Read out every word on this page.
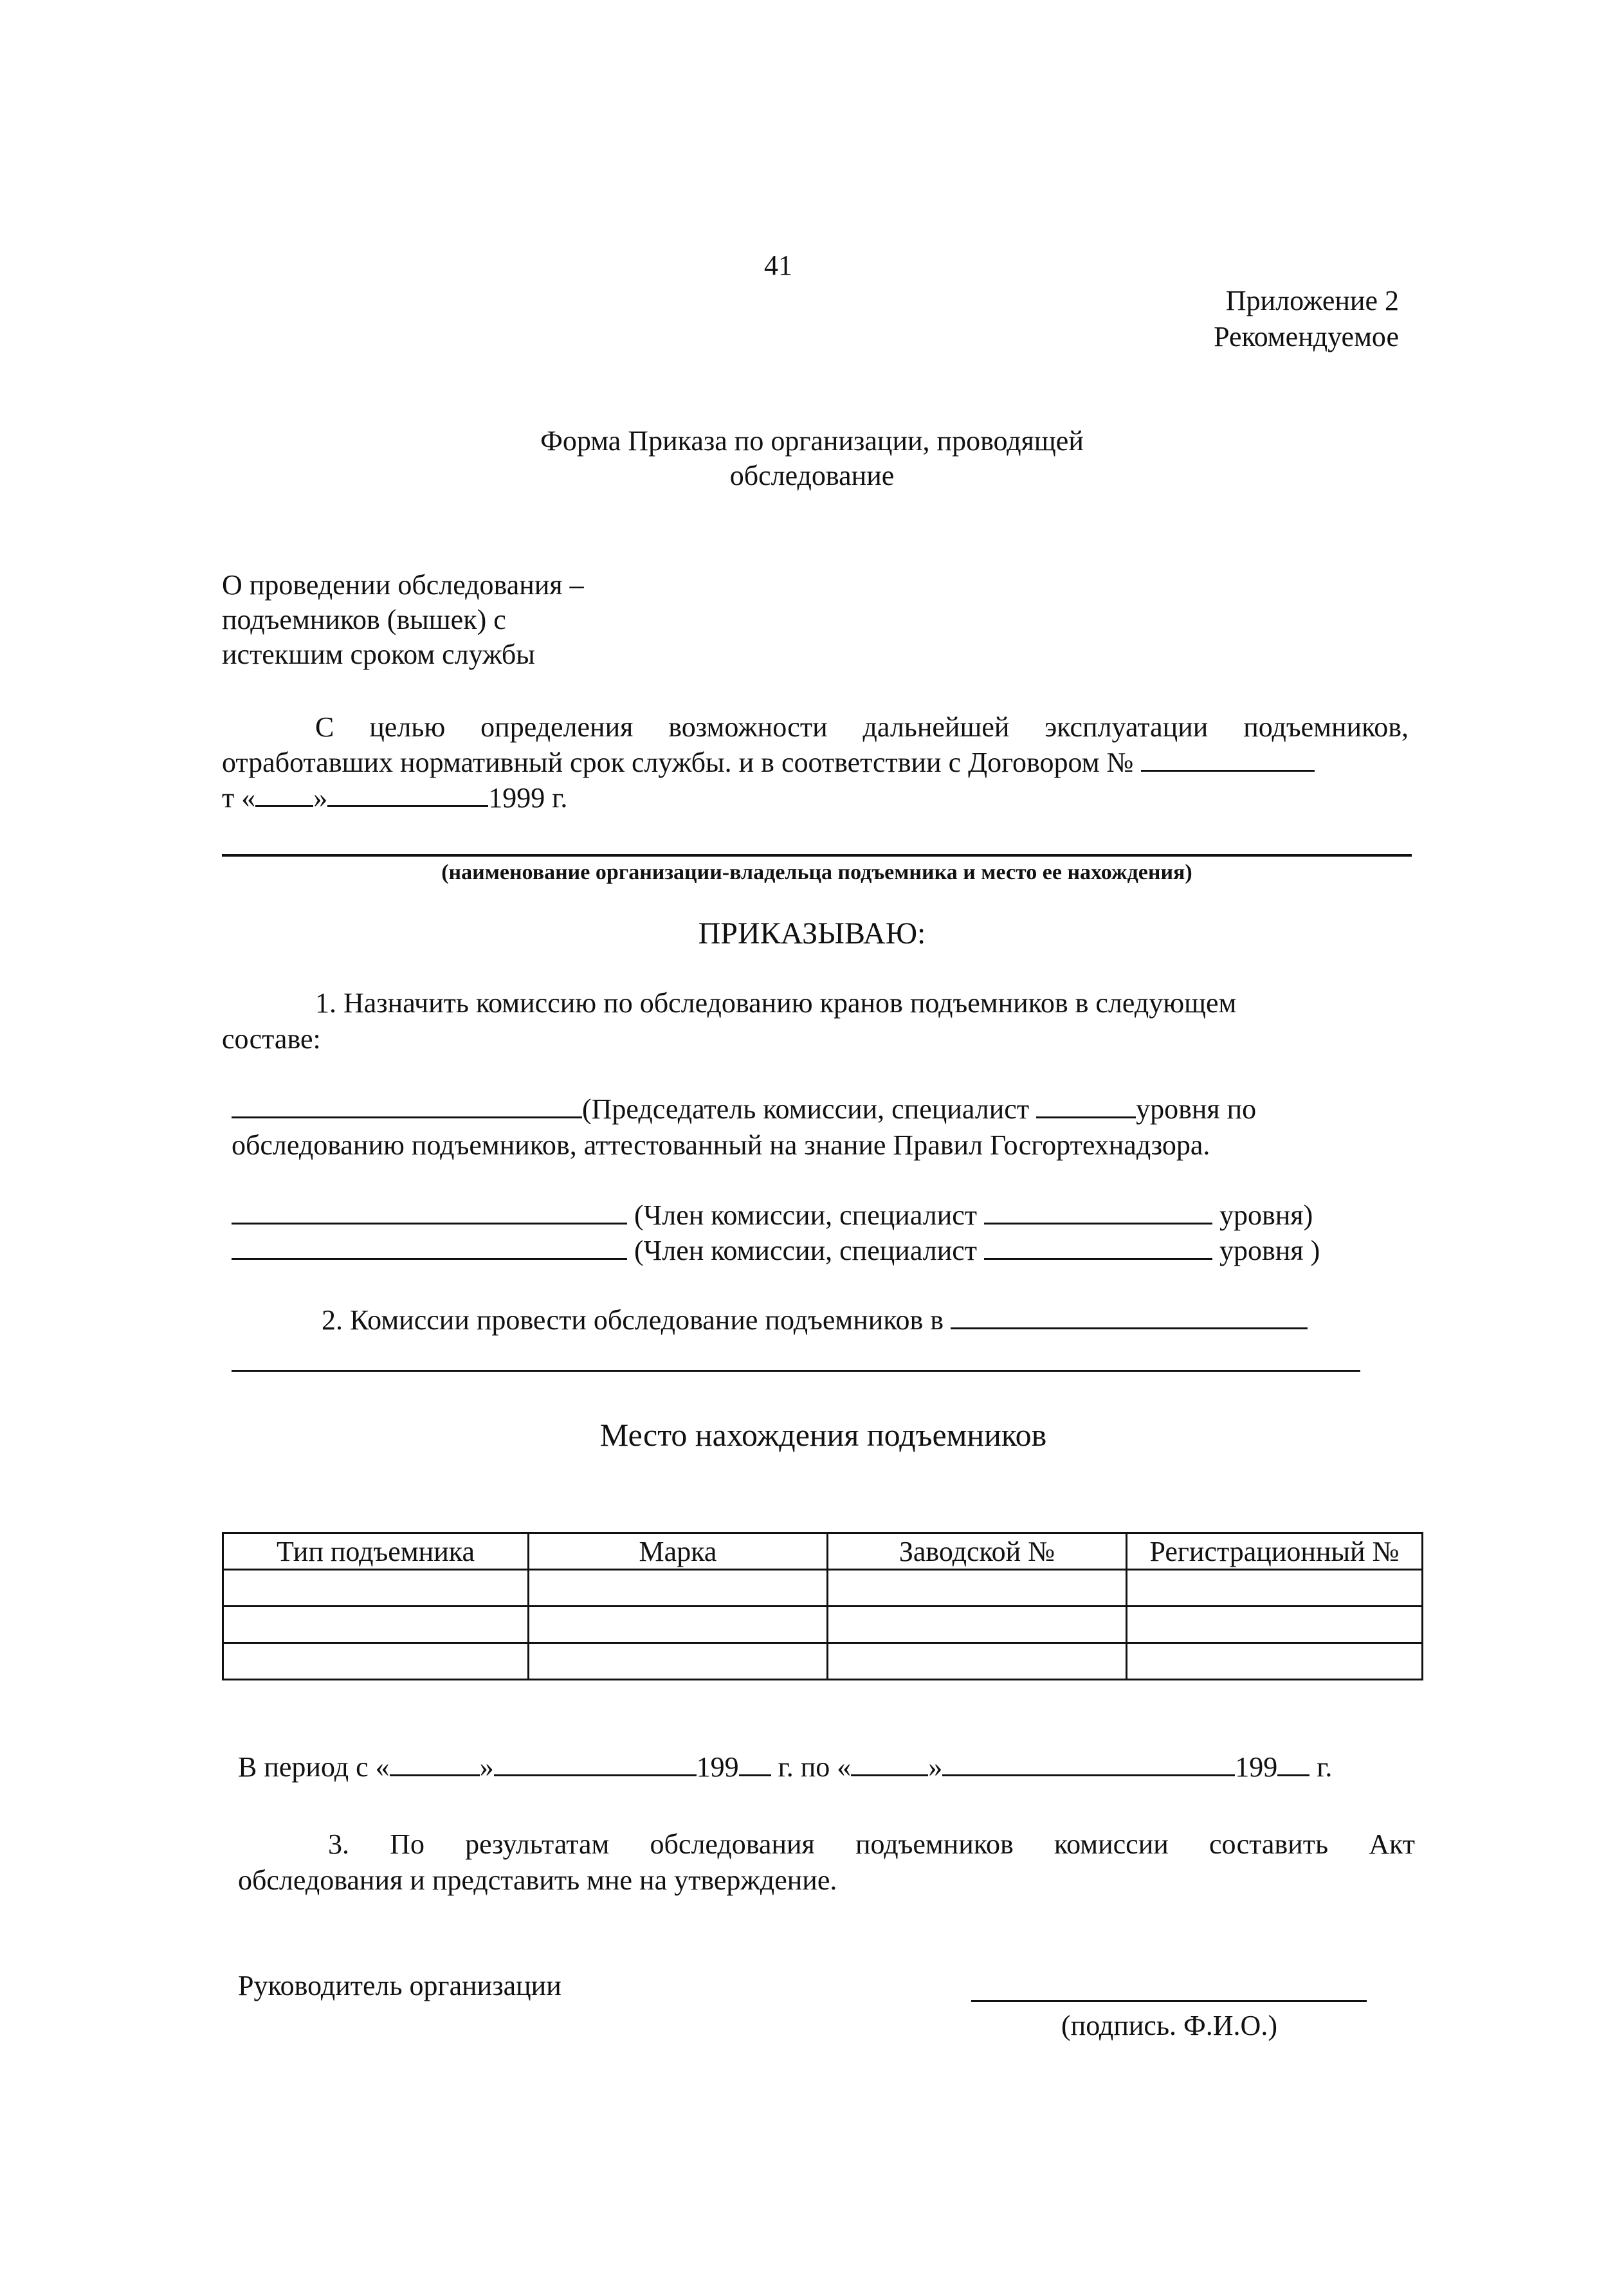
41
Приложение 2
Рекомендуемое
Форма Приказа по организации, проводящей
обследование
О проведении обследования –
подъемников (вышек) с
истекшим сроком службы
С целью определения возможности дальнейшей эксплуатации подъемников,
отработавших нормативный срок службы. и в соответствии с Договором №
т « »	1999 г.
(наименование организации-владельца подъемника и место ее нахождения)
ПРИКАЗЫВАЮ:
1. Назначить комиссию по обследованию кранов подъемников в следующем
составе:
(Председатель комиссии, специалист	уровня по
обследованию подъемников, аттестованный на знание Правил Госгортехнадзора.
(Член комиссии, специалист	уровня)
(Член комиссии, специалист	уровня )
2. Комиссии провести обследование подъемников в
Место нахождения подъемников
Тип подъемника	Марка	Заводской №	Регистрационный №

В период с «	»	199 г. по «	»	199 г.
3. По результатам обследования подъемников комиссии составить Акт
обследования и представить мне на утверждение.
Руководитель организации
(подпись. Ф.И.О.)
